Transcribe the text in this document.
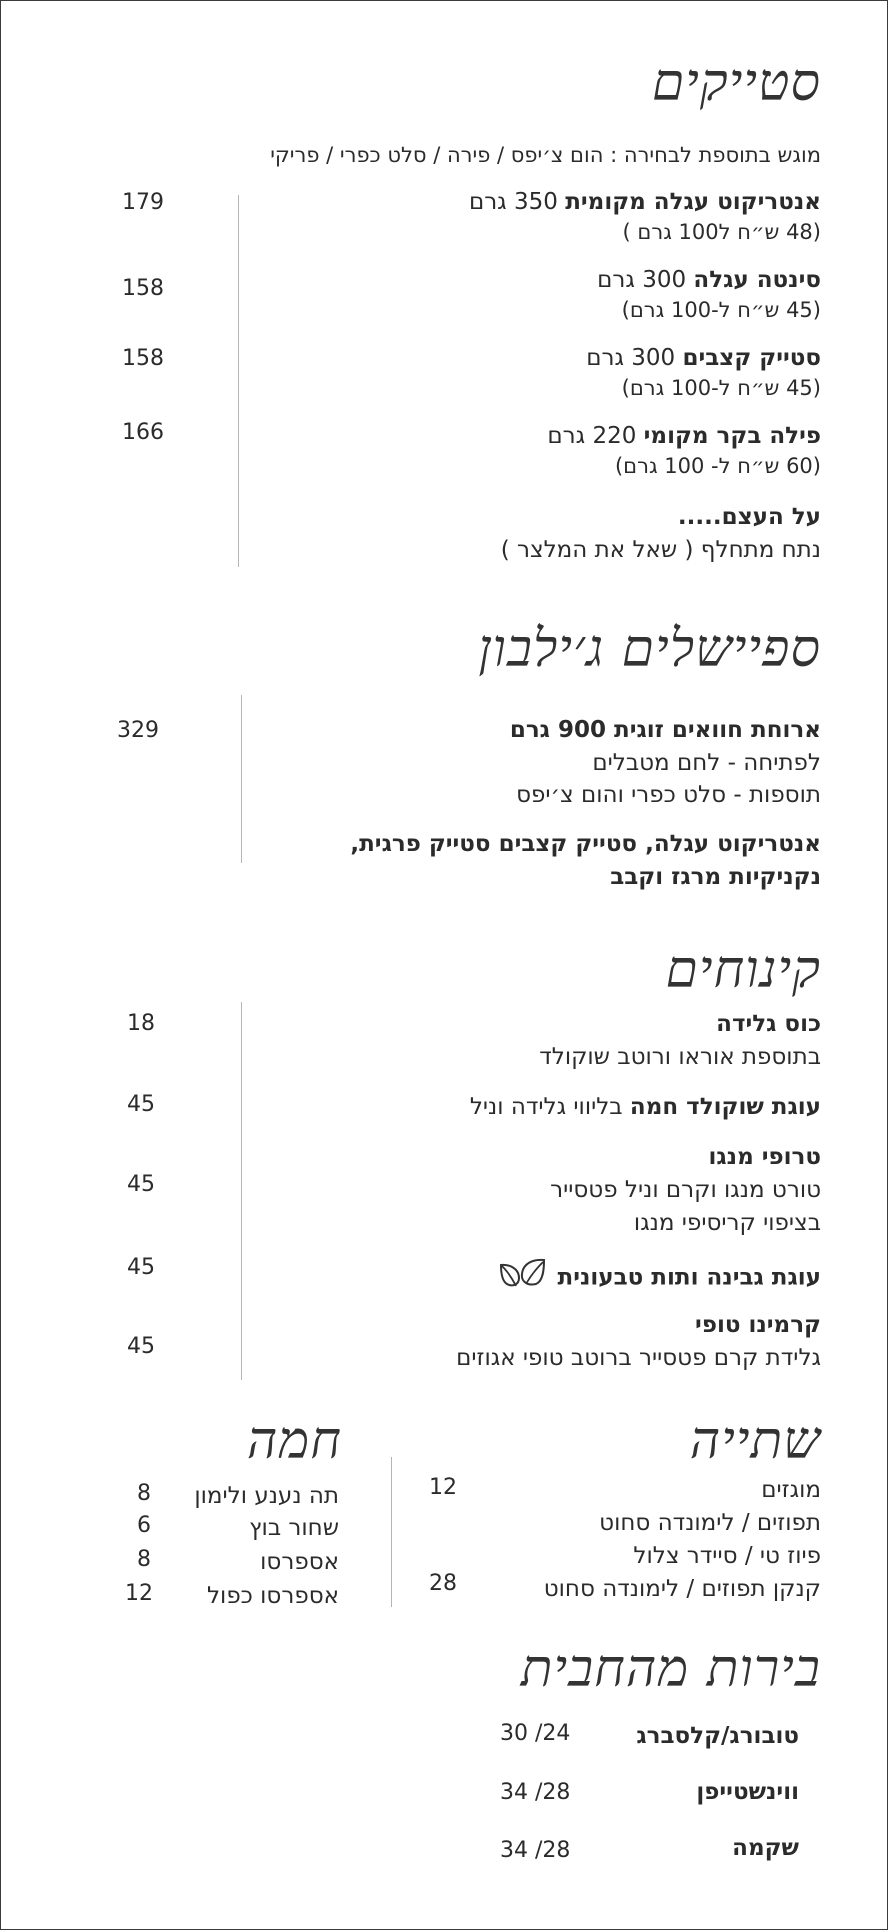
סטייקים
מוגש בתוספת לבחירה : הום צ׳יפס / פירה / סלט כפרי / פריקי
אנטריקוט עגלה מקומית 350 גרם
(48 ש״ח ל100 גרם )
179
סינטה עגלה 300 גרם
(45 ש״ח ל-100 גרם)
158
סטייק קצבים 300 גרם
(45 ש״ח ל-100 גרם)
158
פילה בקר מקומי 220 גרם
(60 ש״ח ל- 100 גרם)
166
על העצם.....
נתח מתחלף ( שאל את המלצר )
ספיישלים ג׳ילבון
ארוחת חוואים זוגית 900 גרם
לפתיחה - לחם מטבלים
תוספות - סלט כפרי והום צ׳יפס
אנטריקוט עגלה, סטייק קצבים סטייק פרגית,
נקניקיות מרגז וקבב
329
קינוחים
כוס גלידה
בתוספת אוראו ורוטב שוקולד
18
עוגת שוקולד חמה בליווי גלידה וניל
45
טרופי מנגו
טורט מנגו וקרם וניל פטסייר
בציפוי קריסיפי מנגו
45
עוגת גבינה ותות טבעונית
45
קרמינו טופי
גלידת קרם פטסייר ברוטב טופי אגוזים
45
שתייה
מוגזים
12
תפוזים / לימונדה סחוט
פיוז טי / סיידר צלול
קנקן תפוזים / לימונדה סחוט
28
חמה
תה נענע ולימון
8
שחור בוץ
6
אספרסו
8
אספרסו כפול
12
בירות מהחבית
טובורג/קלסברג
30 /24
ווינשטייפן
34 /28
שקמה
34 /28
